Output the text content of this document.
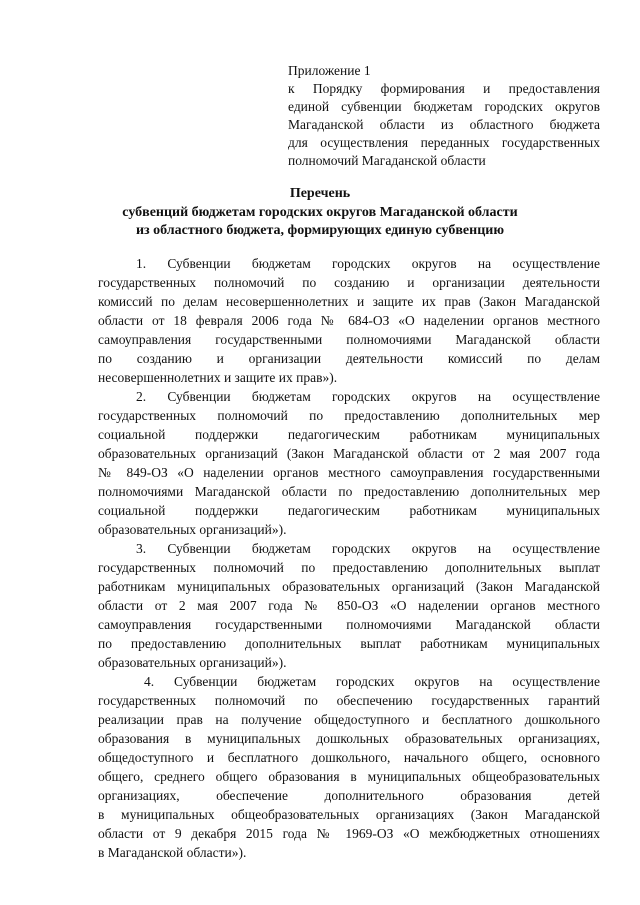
Приложение 1
к Порядку формирования и предоставления
единой субвенции бюджетам городских округов
Магаданской области из областного бюджета
для осуществления переданных государственных
полномочий Магаданской области
Перечень
субвенций бюджетам городских округов Магаданской области
из областного бюджета, формирующих единую субвенцию
1. Субвенции бюджетам городских округов на осуществление
государственных полномочий по созданию и организации деятельности
комиссий по делам несовершеннолетних и защите их прав (Закон Магаданской
области от 18 февраля 2006 года № 684-ОЗ «О наделении органов местного
самоуправления государственными полномочиями Магаданской области
по созданию и организации деятельности комиссий по делам
несовершеннолетних и защите их прав»).
2. Субвенции бюджетам городских округов на осуществление
государственных полномочий по предоставлению дополнительных мер
социальной поддержки педагогическим работникам муниципальных
образовательных организаций (Закон Магаданской области от 2 мая 2007 года
№ 849-ОЗ «О наделении органов местного самоуправления государственными
полномочиями Магаданской области по предоставлению дополнительных мер
социальной поддержки педагогическим работникам муниципальных
образовательных организаций»).
3. Субвенции бюджетам городских округов на осуществление
государственных полномочий по предоставлению дополнительных выплат
работникам муниципальных образовательных организаций (Закон Магаданской
области от 2 мая 2007 года № 850-ОЗ «О наделении органов местного
самоуправления государственными полномочиями Магаданской области
по предоставлению дополнительных выплат работникам муниципальных
образовательных организаций»).
4. Субвенции бюджетам городских округов на осуществление
государственных полномочий по обеспечению государственных гарантий
реализации прав на получение общедоступного и бесплатного дошкольного
образования в муниципальных дошкольных образовательных организациях,
общедоступного и бесплатного дошкольного, начального общего, основного
общего, среднего общего образования в муниципальных общеобразовательных
организациях, обеспечение дополнительного образования детей
в муниципальных общеобразовательных организациях (Закон Магаданской
области от 9 декабря 2015 года № 1969-ОЗ «О межбюджетных отношениях
в Магаданской области»).
